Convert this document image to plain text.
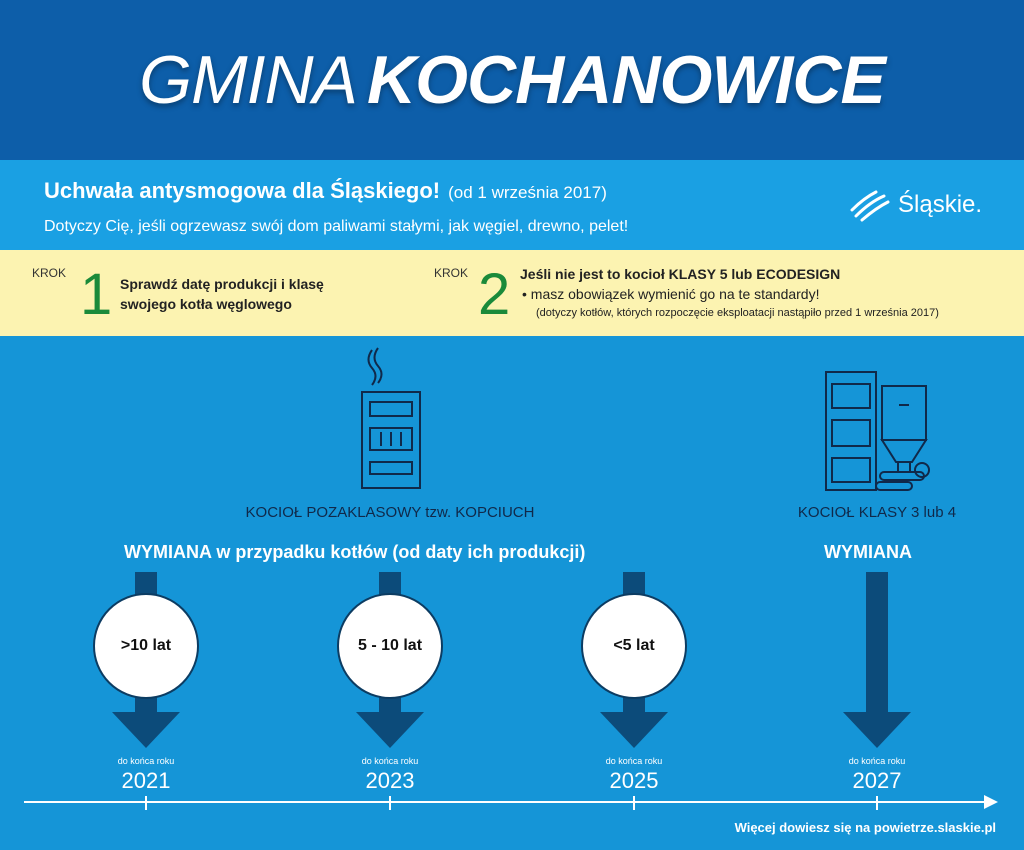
GMINA KOCHANOWICE
Uchwała antysmogowa dla Śląskiego! (od 1 września 2017)
Dotyczy Cię, jeśli ogrzewasz swój dom paliwami stałymi, jak węgiel, drewno, pelet!
Śląskie.
KROK 1 Sprawdź datę produkcji i klasę
swojego kotła węglowego
KROK 2 Jeśli nie jest to kocioł KLASY 5 lub ECODESIGN
• masz obowiązek wymienić go na te standardy!
(dotyczy kotłów, których rozpoczęcie eksploatacji nastąpiło przed 1 września 2017)
KOCIOŁ POZAKLASOWY tzw. KOPCIUCH	KOCIOŁ KLASY 3 lub 4
WYMIANA w przypadku kotłów (od daty ich produkcji)	WYMIANA
>10 lat	5 - 10 lat	<5 lat
do końca roku
2021
do końca roku
2023
do końca roku
2025
do końca roku
2027
Więcej dowiesz się na powietrze.slaskie.pl
